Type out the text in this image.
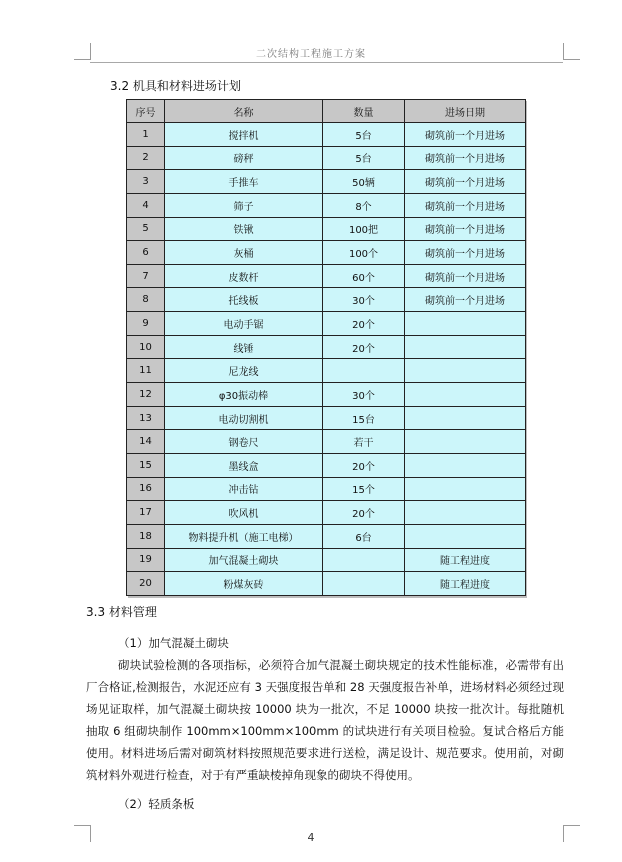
二次结构工程施工方案
3.2 机具和材料进场计划
序号	名称	数量	进场日期
1	搅拌机	5台	砌筑前一个月进场
2	磅秤	5台	砌筑前一个月进场
3	手推车	50辆	砌筑前一个月进场
4	筛子	8个	砌筑前一个月进场
5	铁锹	100把	砌筑前一个月进场
6	灰桶	100个	砌筑前一个月进场
7	皮数杆	60个	砌筑前一个月进场
8	托线板	30个	砌筑前一个月进场
9	电动手锯	20个	
10	线锤	20个	
11	尼龙线		
12	φ30振动棒	30个	
13	电动切割机	15台	
14	钢卷尺	若干	
15	墨线盒	20个	
16	冲击钻	15个	
17	吹风机	20个	
18	物料提升机（施工电梯）	6台	
19	加气混凝土砌块		随工程进度
20	粉煤灰砖		随工程进度
3.3 材料管理
（1）加气混凝土砌块
砌块试验检测的各项指标，必须符合加气混凝土砌块规定的技术性能标准，必需带有出厂合格证,检测报告，水泥还应有 3 天强度报告单和 28 天强度报告补单，进场材料必须经过现场见证取样，加气混凝土砌块按 10000 块为一批次，不足 10000 块按一批次计。每批随机抽取 6 组砌块制作 100mm×100mm×100mm 的试块进行有关项目检验。复试合格后方能使用。材料进场后需对砌筑材料按照规范要求进行送检，满足设计、规范要求。使用前，对砌筑材料外观进行检查，对于有严重缺棱掉角现象的砌块不得使用。
（2）轻质条板
4
